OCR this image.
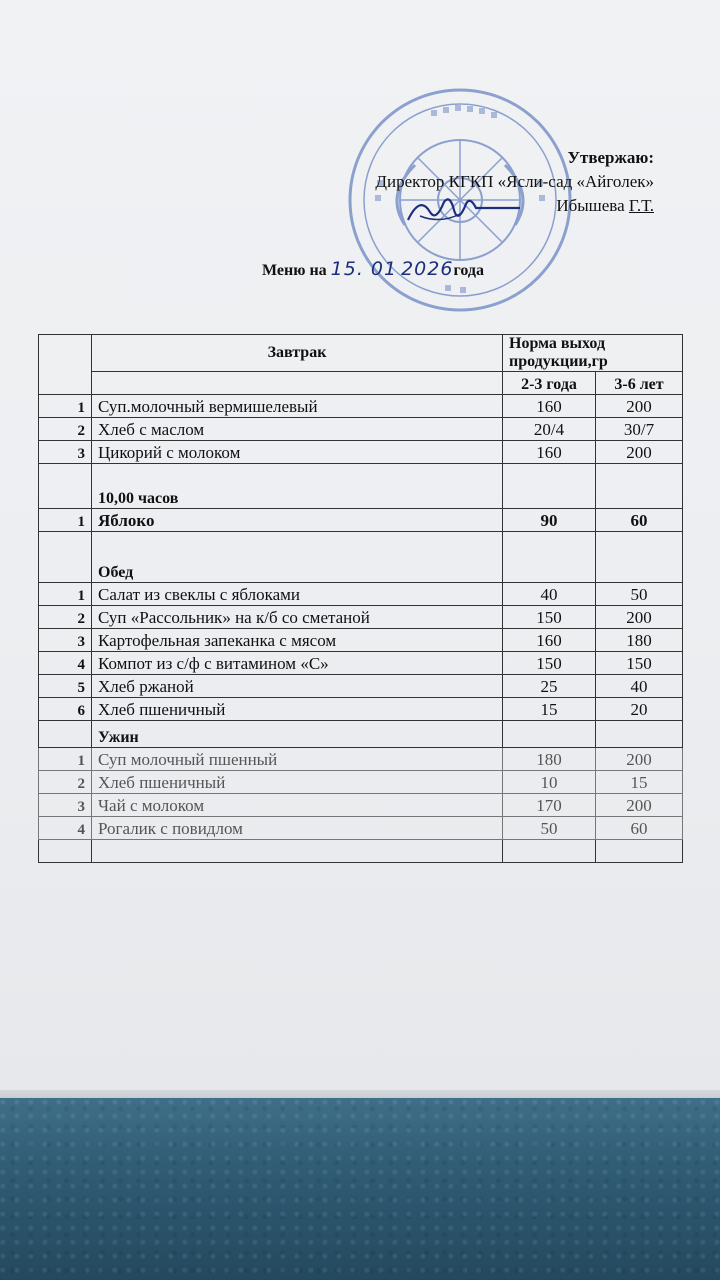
Утвержаю:
Директор КГКП «Ясли-сад «Айголек»
Ибышева Г.Т.
Меню на 15. 01 2026года
	Завтрак	Норма выход продукции,гр	
		2-3 года	3-6 лет
1	Суп.молочный вермишелевый	160	200
2	Хлеб с маслом	20/4	30/7
3	Цикорий с молоком	160	200
	10,00 часов		
1	Яблоко	90	60
	Обед		
1	Салат из свеклы с яблоками	40	50
2	Суп «Рассольник» на к/б со сметаной	150	200
3	Картофельная запеканка с мясом	160	180
4	Компот из с/ф с витамином «С»	150	150
5	Хлеб ржаной	25	40
6	Хлеб пшеничный	15	20
	Ужин		
1	Суп молочный пшенный	180	200
2	Хлеб пшеничный	10	15
3	Чай с молоком	170	200
4	Рогалик с повидлом	50	60
